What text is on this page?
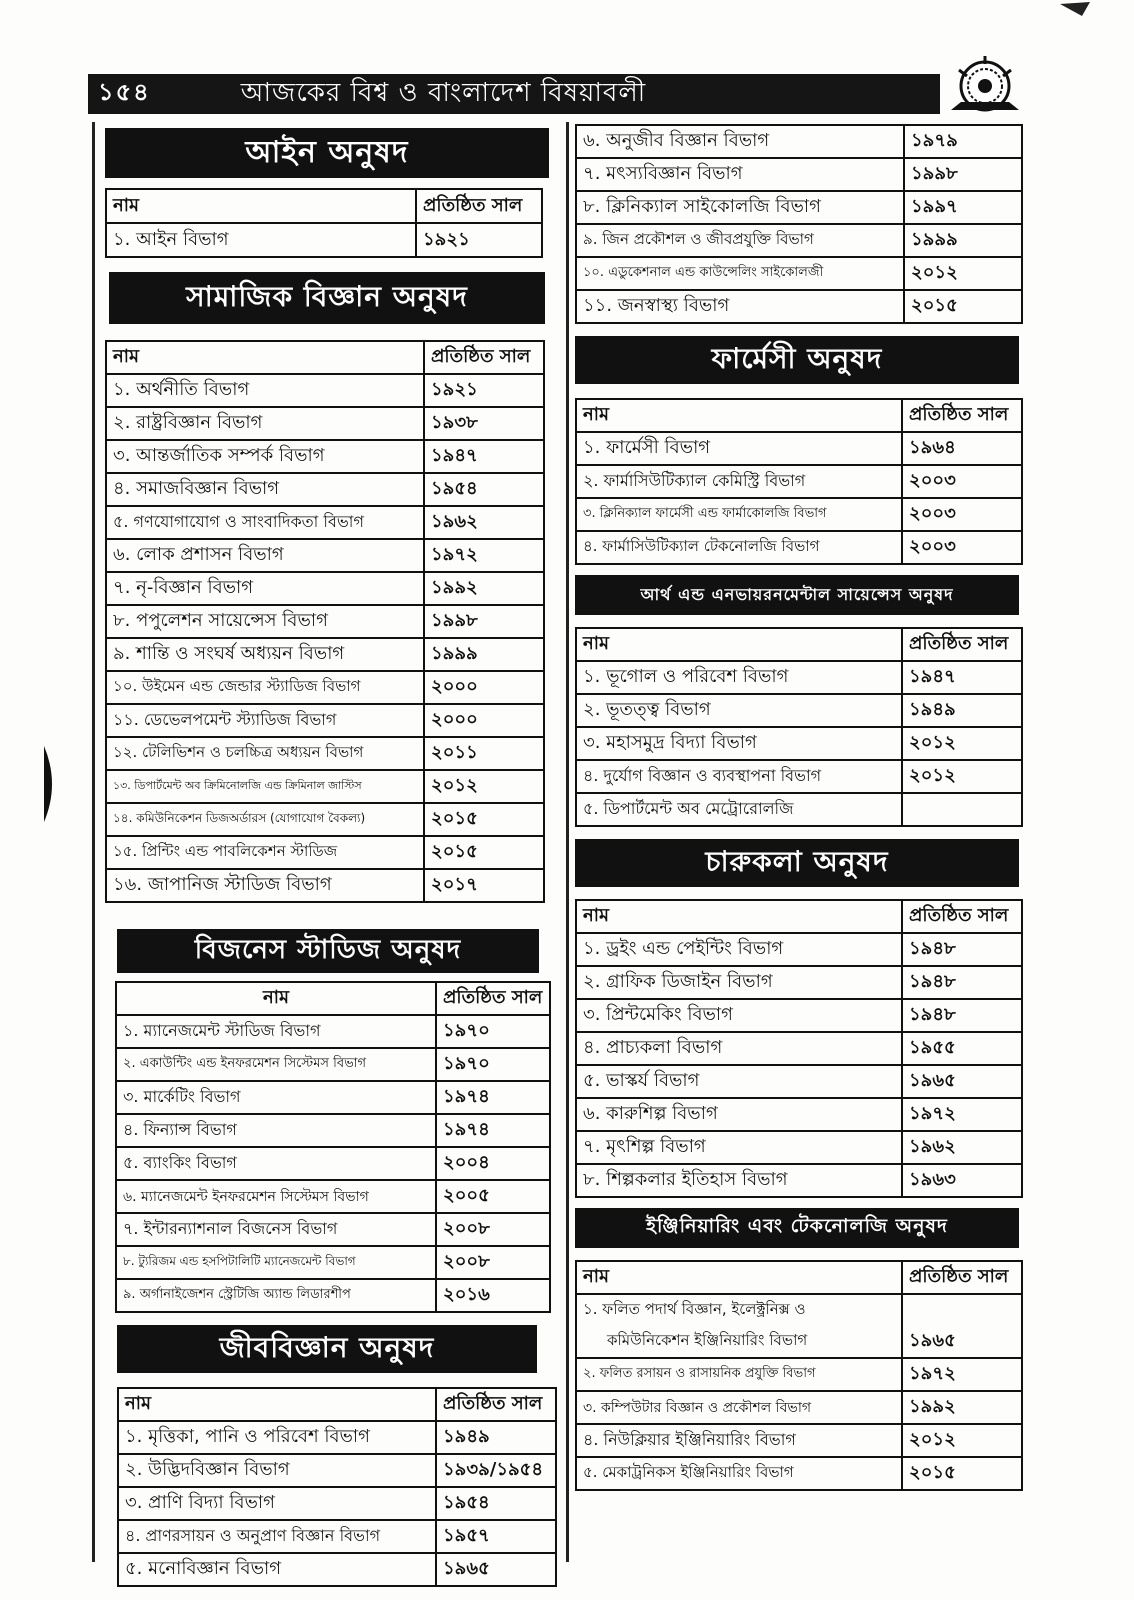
১৫৪	আজকের বিশ্ব ও বাংলাদেশ বিষয়াবলী
আইন অনুষদ
নাম	প্রতিষ্ঠিত সাল
১. আইন বিভাগ	১৯২১
সামাজিক বিজ্ঞান অনুষদ
নাম	প্রতিষ্ঠিত সাল
১. অর্থনীতি বিভাগ	১৯২১
২. রাষ্ট্রবিজ্ঞান বিভাগ	১৯৩৮
৩. আন্তর্জাতিক সম্পর্ক বিভাগ	১৯৪৭
৪. সমাজবিজ্ঞান বিভাগ	১৯৫৪
৫. গণযোগাযোগ ও সাংবাদিকতা বিভাগ	১৯৬২
৬. লোক প্রশাসন বিভাগ	১৯৭২
৭. নৃ-বিজ্ঞান বিভাগ	১৯৯২
৮. পপুলেশন সায়েন্সেস বিভাগ	১৯৯৮
৯. শান্তি ও সংঘর্ষ অধ্যয়ন বিভাগ	১৯৯৯
১০. উইমেন এন্ড জেন্ডার স্ট্যাডিজ বিভাগ	২০০০
১১. ডেভেলপমেন্ট স্ট্যাডিজ বিভাগ	২০০০
১২. টেলিভিশন ও চলচ্চিত্র অধ্যয়ন বিভাগ	২০১১
১৩. ডিপার্টমেন্ট অব ক্রিমিনোলজি এন্ড ক্রিমিনাল জাস্টিস	২০১২
১৪. কমিউনিকেশন ডিজঅর্ডারস (যোগাযোগ বৈকল্য)	২০১৫
১৫. প্রিন্টিং এন্ড পাবলিকেশন স্টাডিজ	২০১৫
১৬. জাপানিজ স্টাডিজ বিভাগ	২০১৭
বিজনেস স্টাডিজ অনুষদ
নাম	প্রতিষ্ঠিত সাল
১. ম্যানেজমেন্ট স্টাডিজ বিভাগ	১৯৭০
২. একাউন্টিং এন্ড ইনফরমেশন সিস্টেমস বিভাগ	১৯৭০
৩. মার্কেটিং বিভাগ	১৯৭৪
৪. ফিন্যান্স বিভাগ	১৯৭৪
৫. ব্যাংকিং বিভাগ	২০০৪
৬. ম্যানেজমেন্ট ইনফরমেশন সিস্টেমস বিভাগ	২০০৫
৭. ইন্টারন্যাশনাল বিজনেস বিভাগ	২০০৮
৮. ট্যুরিজম এন্ড হসপিটালিটি ম্যানেজমেন্ট বিভাগ	২০০৮
৯. অর্গানাইজেশন স্ট্রেটিজি অ্যান্ড লিডারশীপ	২০১৬
জীববিজ্ঞান অনুষদ
নাম	প্রতিষ্ঠিত সাল
১. মৃত্তিকা, পানি ও পরিবেশ বিভাগ	১৯৪৯
২. উদ্ভিদবিজ্ঞান বিভাগ	১৯৩৯/১৯৫৪
৩. প্রাণি বিদ্যা বিভাগ	১৯৫৪
৪. প্রাণরসায়ন ও অনুপ্রাণ বিজ্ঞান বিভাগ	১৯৫৭
৫. মনোবিজ্ঞান বিভাগ	১৯৬৫
৬. অনুজীব বিজ্ঞান বিভাগ	১৯৭৯
৭. মৎস্যবিজ্ঞান বিভাগ	১৯৯৮
৮. ক্লিনিক্যাল সাইকোলজি বিভাগ	১৯৯৭
৯. জিন প্রকৌশল ও জীবপ্রযুক্তি বিভাগ	১৯৯৯
১০. এডুকেশনাল এন্ড কাউন্সেলিং সাইকোলজী	২০১২
১১. জনস্বাস্থ্য বিভাগ	২০১৫
ফার্মেসী অনুষদ
নাম	প্রতিষ্ঠিত সাল
১. ফার্মেসী বিভাগ	১৯৬৪
২. ফার্মাসিউটিক্যাল কেমিস্ট্রি বিভাগ	২০০৩
৩. ক্লিনিক্যাল ফার্মেসী এন্ড ফার্মাকোলজি বিভাগ	২০০৩
৪. ফার্মাসিউটিক্যাল টেকনোলজি বিভাগ	২০০৩
আর্থ এন্ড এনভায়রনমেন্টাল সায়েন্সেস অনুষদ
নাম	প্রতিষ্ঠিত সাল
১. ভূগোল ও পরিবেশ বিভাগ	১৯৪৭
২. ভূতত্ত্ব বিভাগ	১৯৪৯
৩. মহাসমুদ্র বিদ্যা বিভাগ	২০১২
৪. দুর্যোগ বিজ্ঞান ও ব্যবস্থাপনা বিভাগ	২০১২
৫. ডিপার্টমেন্ট অব মেট্রোরোলজি	
চারুকলা অনুষদ
নাম	প্রতিষ্ঠিত সাল
১. ড্রইং এন্ড পেইন্টিং বিভাগ	১৯৪৮
২. গ্রাফিক ডিজাইন বিভাগ	১৯৪৮
৩. প্রিন্টমেকিং বিভাগ	১৯৪৮
৪. প্রাচ্যকলা বিভাগ	১৯৫৫
৫. ভাস্কর্য বিভাগ	১৯৬৫
৬. কারুশিল্প বিভাগ	১৯৭২
৭. মৃৎশিল্প বিভাগ	১৯৬২
৮. শিল্পকলার ইতিহাস বিভাগ	১৯৬৩
ইঞ্জিনিয়ারিং এবং টেকনোলজি অনুষদ
নাম	প্রতিষ্ঠিত সাল
১. ফলিত পদার্থ বিজ্ঞান, ইলেক্ট্রনিক্স ও	
কমিউনিকেশন ইঞ্জিনিয়ারিং বিভাগ	১৯৬৫
২. ফলিত রসায়ন ও রাসায়নিক প্রযুক্তি বিভাগ	১৯৭২
৩. কম্পিউটার বিজ্ঞান ও প্রকৌশল বিভাগ	১৯৯২
৪. নিউক্লিয়ার ইঞ্জিনিয়ারিং বিভাগ	২০১২
৫. মেকাট্রনিকস ইঞ্জিনিয়ারিং বিভাগ	২০১৫
